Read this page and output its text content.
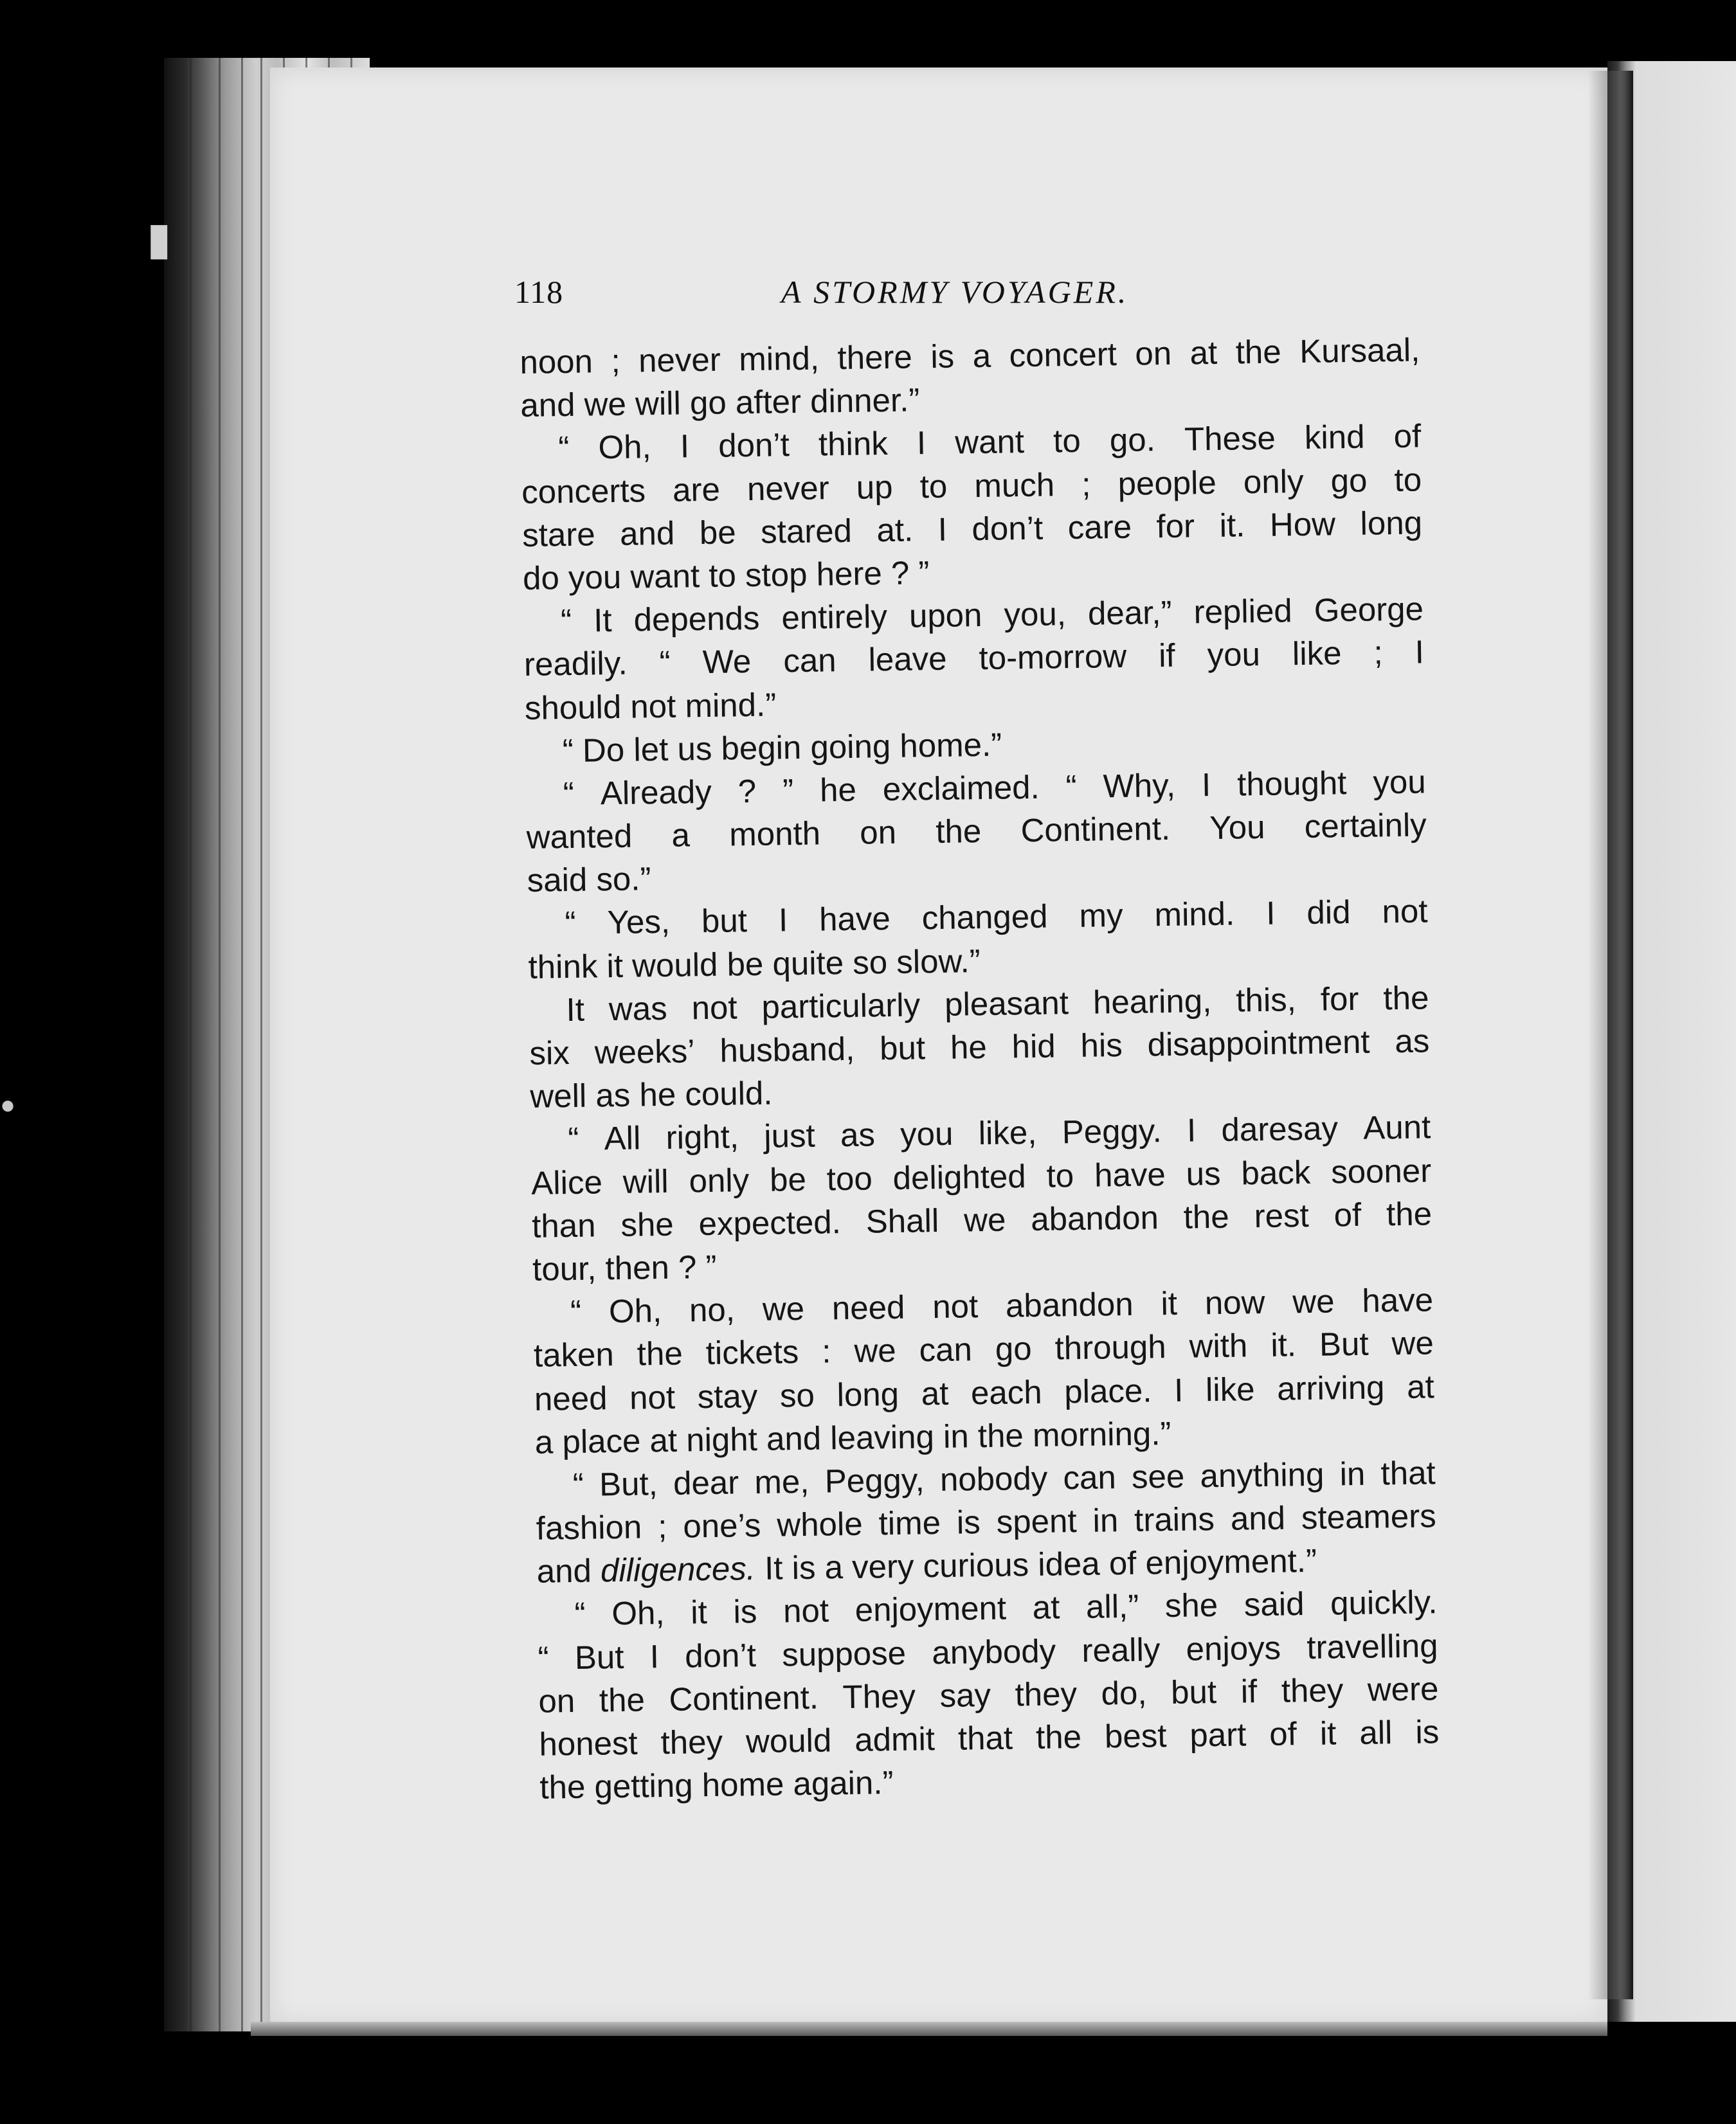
118	A STORMY VOYAGER.
noon ; never mind, there is a concert on at the Kursaal,
and we will go after dinner.”
“ Oh, I don’t think I want to go. These kind of
concerts are never up to much ; people only go to
stare and be stared at. I don’t care for it. How long
do you want to stop here ? ”
“ It depends entirely upon you, dear,” replied George
readily. “ We can leave to-morrow if you like ; I
should not mind.”
“ Do let us begin going home.”
“ Already ? ” he exclaimed. “ Why, I thought you
wanted a month on the Continent. You certainly
said so.”
“ Yes, but I have changed my mind. I did not
think it would be quite so slow.”
It was not particularly pleasant hearing, this, for the
six weeks’ husband, but he hid his disappointment as
well as he could.
“ All right, just as you like, Peggy. I daresay Aunt
Alice will only be too delighted to have us back sooner
than she expected. Shall we abandon the rest of the
tour, then ? ”
“ Oh, no, we need not abandon it now we have
taken the tickets : we can go through with it. But we
need not stay so long at each place. I like arriving at
a place at night and leaving in the morning.”
“ But, dear me, Peggy, nobody can see anything in that
fashion ; one’s whole time is spent in trains and steamers
and diligences. It is a very curious idea of enjoyment.”
“ Oh, it is not enjoyment at all,” she said quickly.
“ But I don’t suppose anybody really enjoys travelling
on the Continent. They say they do, but if they were
honest they would admit that the best part of it all is
the getting home again.”
▮
●
